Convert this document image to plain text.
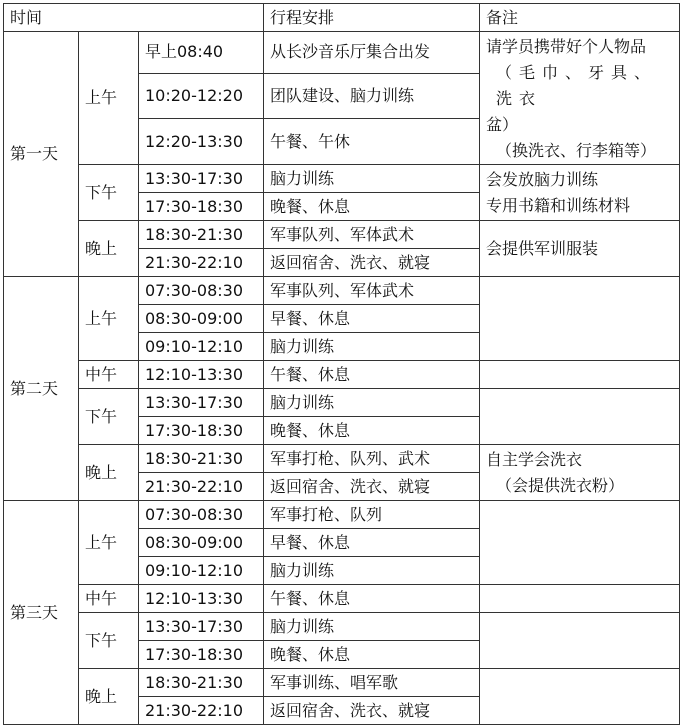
时间			行程安排	备注
第一天	上午	早上08:40	从长沙音乐厅集合出发	请学员携带好个人物品
（毛巾、牙具、洗衣
盆）
（换洗衣、行李箱等）

		10:20-12:20	团队建设、脑力训练	
		12:20-13:30	午餐、午休	
	下午	13:30-17:30	脑力训练	会发放脑力训练
专用书籍和训练材料

		17:30-18:30	晚餐、休息	
	晚上	18:30-21:30	军事队列、军体武术	会提供军训服装

		21:30-22:10	返回宿舍、洗衣、就寝	
第二天	上午	07:30-08:30	军事队列、军体武术	
		08:30-09:00	早餐、休息	
		09:10-12:10	脑力训练	
	中午	12:10-13:30	午餐、休息	
	下午	13:30-17:30	脑力训练	
		17:30-18:30	晚餐、休息	
	晚上	18:30-21:30	军事打枪、队列、武术	自主学会洗衣
（会提供洗衣粉）

		21:30-22:10	返回宿舍、洗衣、就寝	
第三天	上午	07:30-08:30	军事打枪、队列	
		08:30-09:00	早餐、休息	
		09:10-12:10	脑力训练	
	中午	12:10-13:30	午餐、休息	
	下午	13:30-17:30	脑力训练	
		17:30-18:30	晚餐、休息	
	晚上	18:30-21:30	军事训练、唱军歌	
		21:30-22:10	返回宿舍、洗衣、就寝	
